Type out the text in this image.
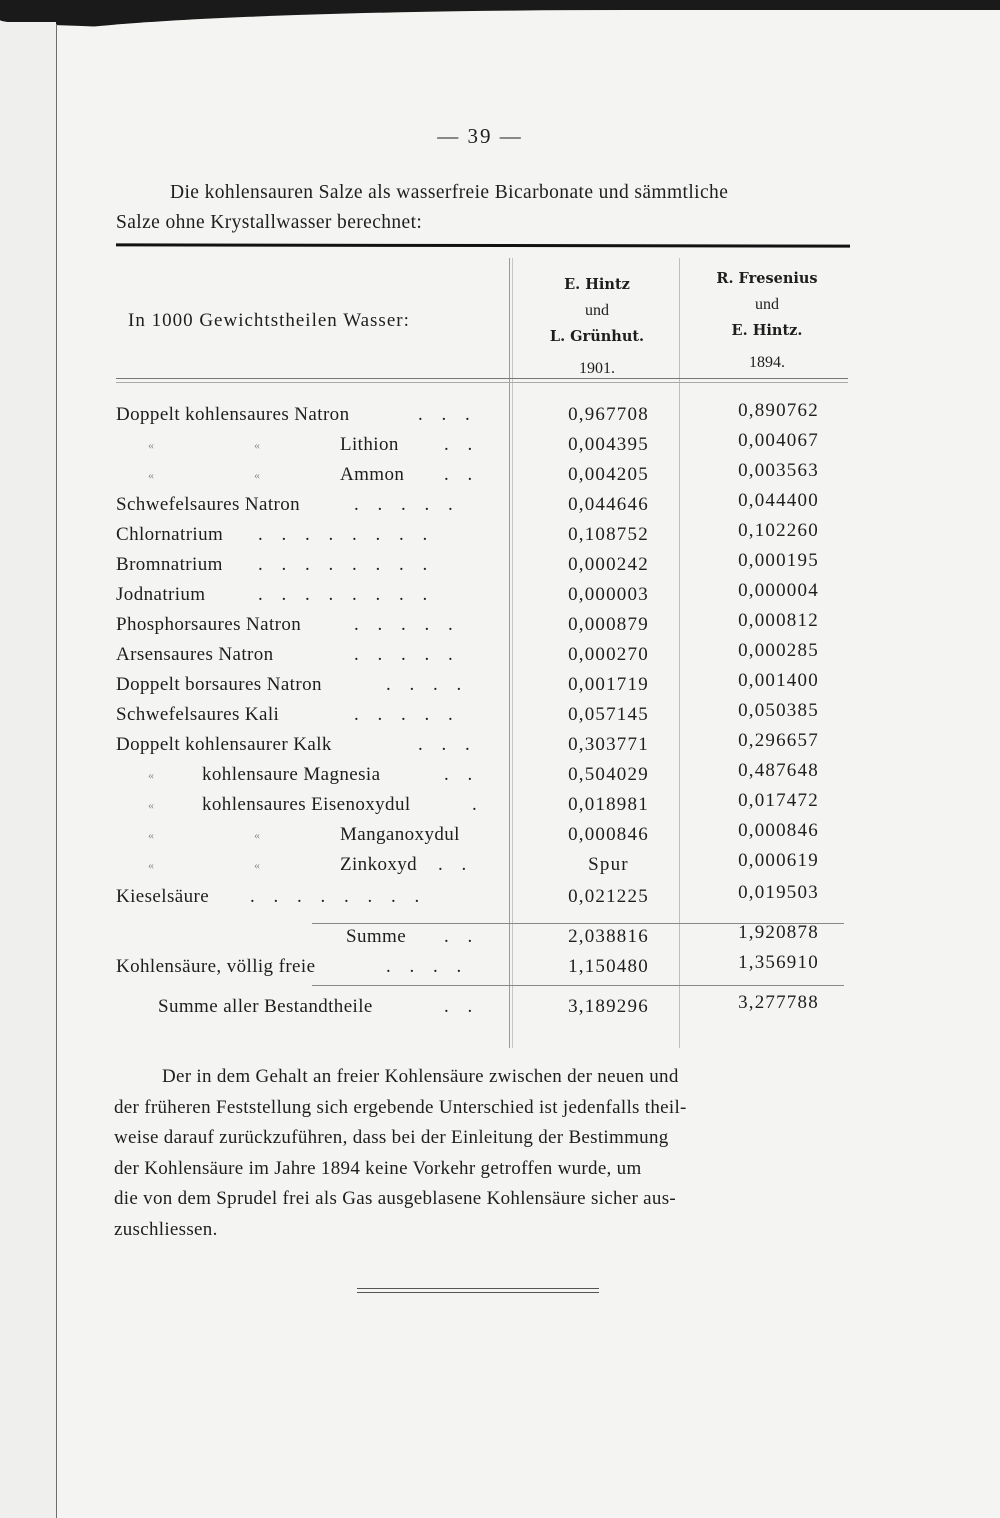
— 39 —
Die kohlensauren Salze als wasserfreie Bicarbonate und sämmtliche
Salze ohne Krystallwasser berechnet:
In 1000 Gewichtstheilen Wasser:
E. Hintz
und
L. Grünhut.
1901.
R. Fresenius
und
E. Hintz.
1894.
Doppelt kohlensaures Natron	. . .	0,967708	0,890762
«	«	Lithion . .	0,004395	0,004067
«	«	Ammon . .	0,004205	0,003563
Schwefelsaures Natron	. . . . .	0,044646	0,044400
Chlornatrium . . . . . . . .	0,108752	0,102260
Bromnatrium . . . . . . . .	0,000242	0,000195
Jodnatrium	. . . . . . . .	0,000003	0,000004
Phosphorsaures Natron	. . . . .	0,000879	0,000812
Arsensaures Natron	. . . . .	0,000270	0,000285
Doppelt borsaures Natron	. . . .	0,001719	0,001400
Schwefelsaures Kali	. . . . .	0,057145	0,050385
Doppelt kohlensaurer Kalk	. . .	0,303771	0,296657
«	kohlensaure Magnesia	. .	0,504029	0,487648
«	kohlensaures Eisenoxydul	.	0,018981	0,017472
«	«	Manganoxydul	0,000846	0,000846
«	«	Zinkoxyd . .	Spur	0,000619
Kieselsäure . . . . . . . .	0,021225	0,019503
Summe . .	2,038816	1,920878
Kohlensäure, völlig freie	. . . .	1,150480	1,356910
Summe aller Bestandtheile	. .	3,189296	3,277788
Der in dem Gehalt an freier Kohlensäure zwischen der neuen und
der früheren Feststellung sich ergebende Unterschied ist jedenfalls theil-
weise darauf zurückzuführen, dass bei der Einleitung der Bestimmung
der Kohlensäure im Jahre 1894 keine Vorkehr getroffen wurde, um
die von dem Sprudel frei als Gas ausgeblasene Kohlensäure sicher aus-
zuschliessen.
